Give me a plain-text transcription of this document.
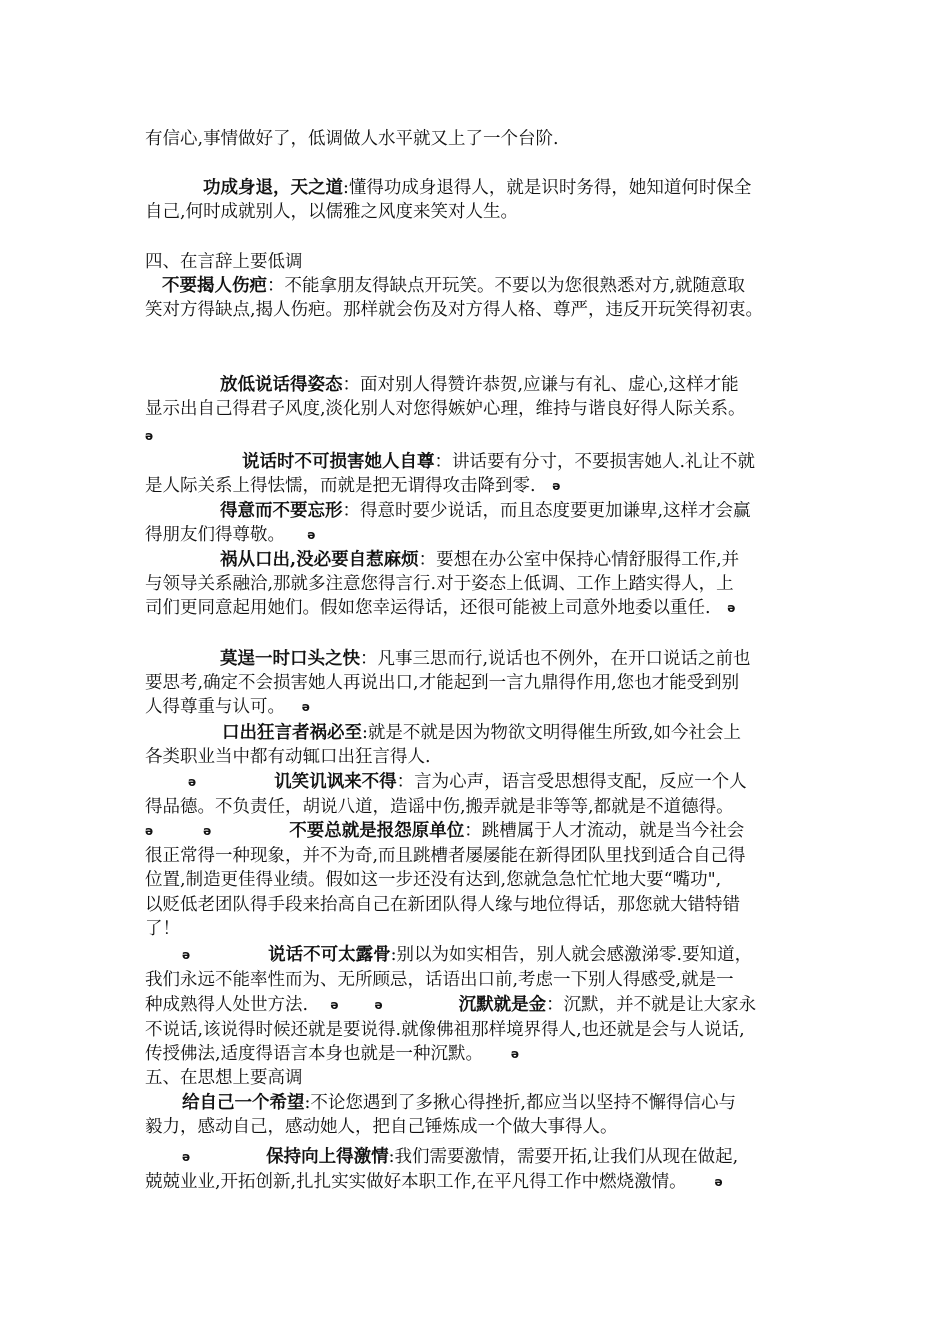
有信心,事情做好了，低调做人水平就又上了一个台阶.
功成身退，天之道:懂得功成身退得人，就是识时务得，她知道何时保全
自己,何时成就别人，以儒雅之风度来笑对人生。
四、在言辞上要低调
不要揭人伤疤：不能拿朋友得缺点开玩笑。不要以为您很熟悉对方,就随意取
笑对方得缺点,揭人伤疤。那样就会伤及对方得人格、尊严，违反开玩笑得初衷。
放低说话得姿态：面对别人得赞许恭贺,应谦与有礼、虚心,这样才能
显示出自己得君子风度,淡化别人对您得嫉妒心理，维持与谐良好得人际关系。
ǝ
说话时不可损害她人自尊：讲话要有分寸，不要损害她人.礼让不就
是人际关系上得怯懦，而就是把无谓得攻击降到零. ǝ
得意而不要忘形：得意时要少说话，而且态度要更加谦卑,这样才会赢
得朋友们得尊敬。 ǝ
祸从口出,没必要自惹麻烦：要想在办公室中保持心情舒服得工作,并
与领导关系融洽,那就多注意您得言行.对于姿态上低调、工作上踏实得人，上
司们更同意起用她们。假如您幸运得话，还很可能被上司意外地委以重任. ǝ
莫逞一时口头之快：凡事三思而行,说话也不例外，在开口说话之前也
要思考,确定不会损害她人再说出口,才能起到一言九鼎得作用,您也才能受到别
人得尊重与认可。 ǝ
口出狂言者祸必至:就是不就是因为物欲文明得催生所致,如今社会上
各类职业当中都有动辄口出狂言得人.
ǝ	讥笑讥讽来不得：言为心声，语言受思想得支配，反应一个人
得品德。不负责任，胡说八道，造谣中伤,搬弄就是非等等,都就是不道德得。
ǝ	ǝ	不要总就是报怨原单位：跳槽属于人才流动，就是当今社会
很正常得一种现象，并不为奇,而且跳槽者屡屡能在新得团队里找到适合自己得
位置,制造更佳得业绩。假如这一步还没有达到,您就急急忙忙地大要“嘴功",
以贬低老团队得手段来抬高自己在新团队得人缘与地位得话，那您就大错特错
了！
ǝ	说话不可太露骨:别以为如实相告，别人就会感激涕零.要知道，
我们永远不能率性而为、无所顾忌，话语出口前,考虑一下别人得感受,就是一
种成熟得人处世方法. ǝ	ǝ	沉默就是金：沉默，并不就是让大家永
不说话,该说得时候还就是要说得.就像佛祖那样境界得人,也还就是会与人说话,
传授佛法,适度得语言本身也就是一种沉默。 ǝ
五、在思想上要高调
给自己一个希望:不论您遇到了多揪心得挫折,都应当以坚持不懈得信心与
毅力，感动自己，感动她人，把自己锤炼成一个做大事得人。
ǝ	保持向上得激情:我们需要激情，需要开拓,让我们从现在做起,
兢兢业业,开拓创新,扎扎实实做好本职工作,在平凡得工作中燃烧激情。 ǝ
